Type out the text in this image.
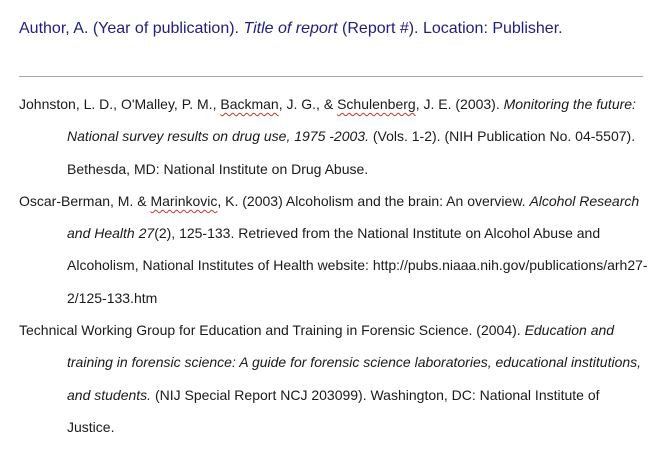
Author, A. (Year of publication). Title of report (Report #). Location: Publisher.

Johnston, L. D., O'Malley, P. M., Backman, J. G., & Schulenberg, J. E. (2003). Monitoring the future: National survey results on drug use, 1975 -2003. (Vols. 1-2). (NIH Publication No. 04-5507). Bethesda, MD: National Institute on Drug Abuse.

Oscar-Berman, M. & Marinkovic, K. (2003) Alcoholism and the brain: An overview. Alcohol Research and Health 27(2), 125-133. Retrieved from the National Institute on Alcohol Abuse and Alcoholism, National Institutes of Health website: http://pubs.niaaa.nih.gov/publications/arh27-2/125-133.htm

Technical Working Group for Education and Training in Forensic Science. (2004). Education and training in forensic science: A guide for forensic science laboratories, educational institutions, and students. (NIJ Special Report NCJ 203099). Washington, DC: National Institute of Justice.
